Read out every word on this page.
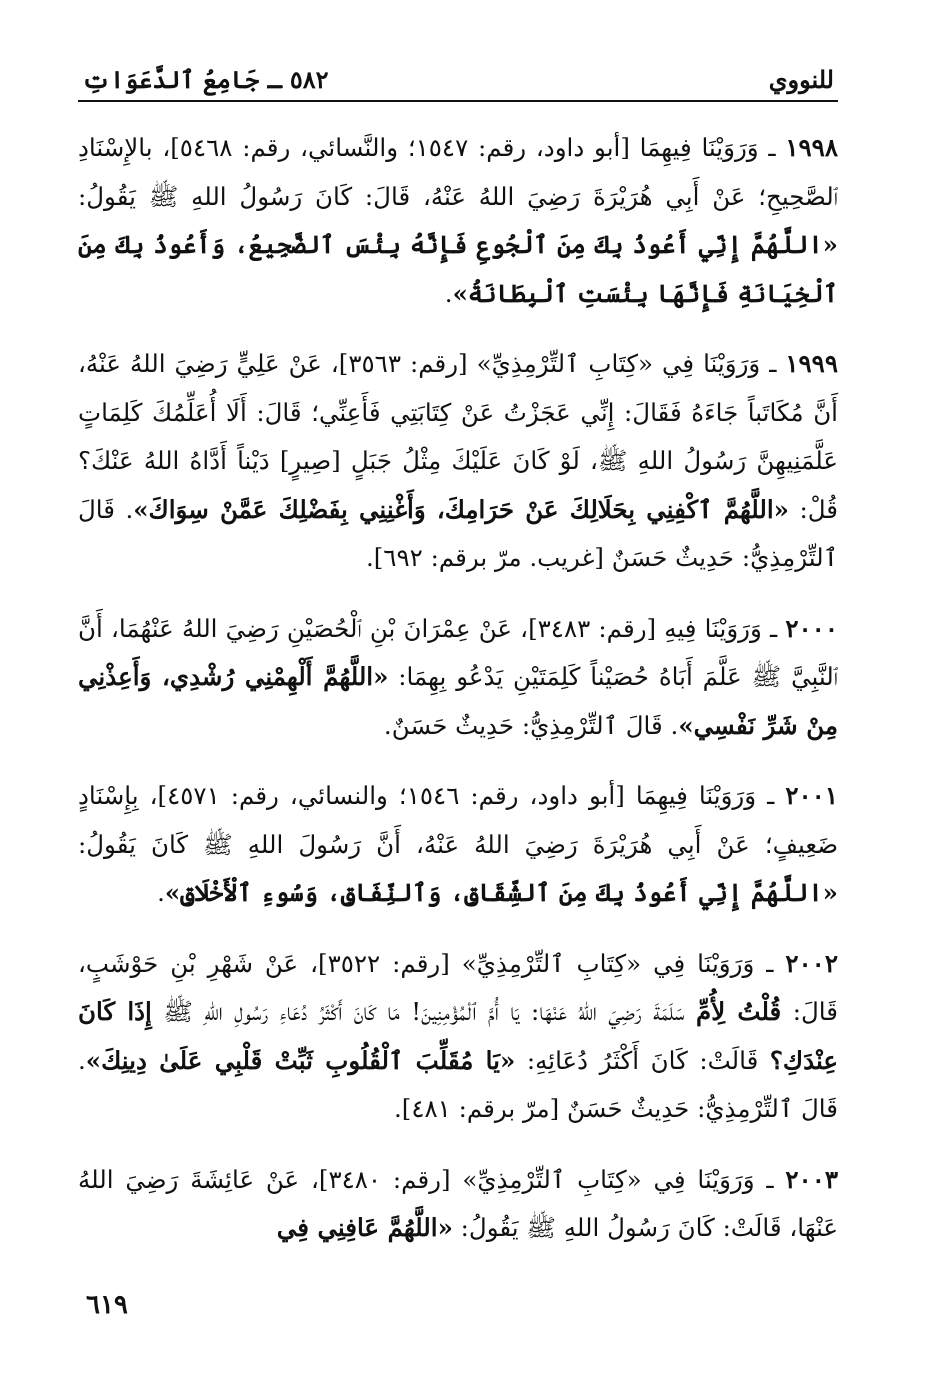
للنووي
٥٨٢ ـ جَامِعُ ٱلدَّعَوَاتِ

١٩٩٨ ـ وَرَوَيْنَا فِيهِمَا [أبو داود، رقم: ١٥٤٧؛ والنَّسائي، رقم: ٥٤٦٨]، بالإِسْنَادِ ٱلصَّحِيحِ؛ عَنْ أَبِي هُرَيْرَةَ رَضِيَ اللهُ عَنْهُ، قَالَ: كَانَ رَسُولُ اللهِ ﷺ يَقُولُ: «اللَّهُمَّ إِنِّي أَعُوذُ بِكَ مِنَ ٱلْجُوعِ فَإِنَّهُ بِئْسَ ٱلضَّجِيعُ، وَأَعُوذُ بِكَ مِنَ ٱلْخِيَانَةِ فَإِنَّهَا بِئْسَتِ ٱلْبِطَانَةُ».

١٩٩٩ ـ وَرَوَيْنَا فِي «كِتَابِ ٱلتِّرْمِذِيِّ» [رقم: ٣٥٦٣]، عَنْ عَلِيٍّ رَضِيَ اللهُ عَنْهُ، أَنَّ مُكَاتَباً جَاءَهُ فَقَالَ: إِنِّي عَجَزْتُ عَنْ كِتَابَتِي فَأَعِنِّي؛ قَالَ: أَلَا أُعَلِّمُكَ كَلِمَاتٍ عَلَّمَنِيهِنَّ رَسُولُ اللهِ ﷺ، لَوْ كَانَ عَلَيْكَ مِثْلُ جَبَلٍ [صِيرٍ] دَيْناً أَدَّاهُ اللهُ عَنْكَ؟ قُلْ: «اللَّهُمَّ ٱكْفِنِي بِحَلَالِكَ عَنْ حَرَامِكَ، وَأَغْنِنِي بِفَضْلِكَ عَمَّنْ سِوَاكَ». قَالَ ٱلتِّرْمِذِيُّ: حَدِيثٌ حَسَنٌ [غريب. مرّ برقم: ٦٩٢].

٢٠٠٠ ـ وَرَوَيْنَا فِيهِ [رقم: ٣٤٨٣]، عَنْ عِمْرَانَ بْنِ ٱلْحُصَيْنِ رَضِيَ اللهُ عَنْهُمَا، أَنَّ ٱلنَّبِيَّ ﷺ عَلَّمَ أَبَاهُ حُصَيْناً كَلِمَتَيْنِ يَدْعُو بِهِمَا: «اللَّهُمَّ أَلْهِمْنِي رُشْدِي، وَأَعِذْنِي مِنْ شَرِّ نَفْسِي». قَالَ ٱلتِّرْمِذِيُّ: حَدِيثٌ حَسَنٌ.

٢٠٠١ ـ وَرَوَيْنَا فِيهِمَا [أبو داود، رقم: ١٥٤٦؛ والنسائي، رقم: ٤٥٧١]، بِإِسْنَادٍ ضَعِيفٍ؛ عَنْ أَبِي هُرَيْرَةَ رَضِيَ اللهُ عَنْهُ، أَنَّ رَسُولَ اللهِ ﷺ كَانَ يَقُولُ: «اللَّهُمَّ إِنِّي أَعُوذُ بِكَ مِنَ ٱلشِّقَاقِ، وَٱلنِّفَاقِ، وَسُوءِ ٱلْأَخْلَاقِ».

٢٠٠٢ ـ وَرَوَيْنَا فِي «كِتَابِ ٱلتِّرْمِذِيِّ» [رقم: ٣٥٢٢]، عَنْ شَهْرِ بْنِ حَوْشَبٍ، قَالَ: قُلْتُ لِأُمِّ سَلَمَةَ رَضِيَ اللهُ عَنْهَا: يَا أُمَّ ٱلْمُؤْمِنِينَ! مَا كَانَ أَكْثَرُ دُعَاءِ رَسُولِ اللهِ ﷺ إِذَا كَانَ عِنْدَكِ؟ قَالَتْ: كَانَ أَكْثَرُ دُعَائِهِ: «يَا مُقَلِّبَ ٱلْقُلُوبِ ثَبِّتْ قَلْبِي عَلَىٰ دِينِكَ». قَالَ ٱلتِّرْمِذِيُّ: حَدِيثٌ حَسَنٌ [مرّ برقم: ٤٨١].

٢٠٠٣ ـ وَرَوَيْنَا فِي «كِتَابِ ٱلتِّرْمِذِيِّ» [رقم: ٣٤٨٠]، عَنْ عَائِشَةَ رَضِيَ اللهُ عَنْهَا، قَالَتْ: كَانَ رَسُولُ اللهِ ﷺ يَقُولُ: «اللَّهُمَّ عَافِنِي فِي

٦١٩
